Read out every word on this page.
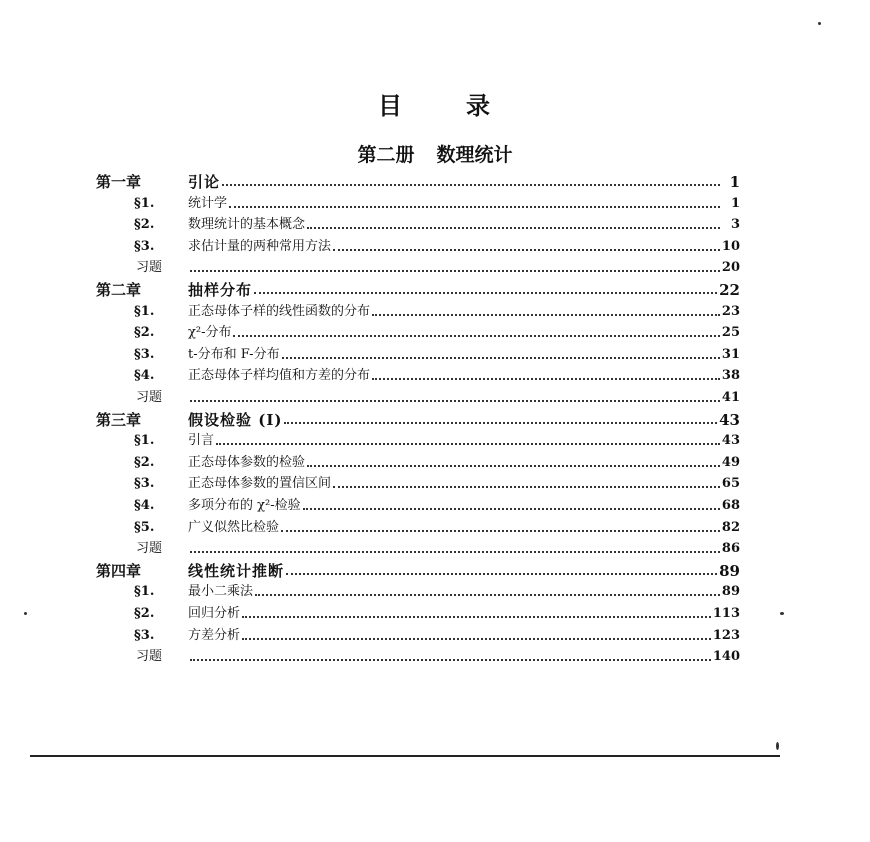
目	录
第二册 数理统计
第一章	引论	1
§1.	统计学	1
§2.	数理统计的基本概念	3
§3.	求估计量的两种常用方法	10
习题	20
第二章	抽样分布	22
§1.	正态母体子样的线性函数的分布	23
§2.	χ²-分布	25
§3.	t-分布和 F-分布	31
§4.	正态母体子样均值和方差的分布	38
习题	41
第三章	假设检验 (I)	43
§1.	引言	43
§2.	正态母体参数的检验	49
§3.	正态母体参数的置信区间	65
§4.	多项分布的 χ²-检验	68
§5.	广义似然比检验	82
习题	86
第四章	线性统计推断	89
§1.	最小二乘法	89
§2.	回归分析	113
§3.	方差分析	123
习题	140
